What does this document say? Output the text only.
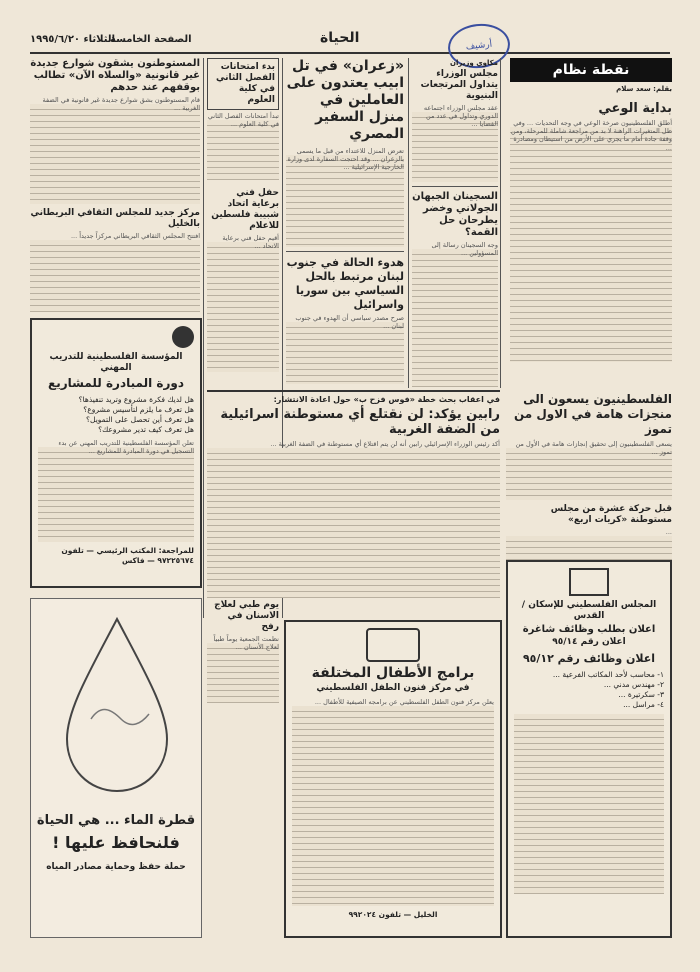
الثلاثاء ١٩٩٥/٦/٢٠
الصفحة الخامسة	الحياة
أرشيف
نقطة نظام
بقلم: سعد سلام
بداية الوعي
أطلق الفلسطينيون صرخة الوعي في وجه التحديات ... وفي ظل المتغيرات الراهنة لا بد من مراجعة شاملة للمرحلة، ومن وقفة جادة أمام ما يجري على الأرض من استيطان ومصادرة ...
مكاوي وزيران
مجلس الوزراء يتداول المرتجعات البنيوية
عقد مجلس الوزراء اجتماعه الدوري وتداول في عدد من القضايا ...
السجينان الجبهان الجولاني وخضر يطرحان حل القمة؟
وجه السجينان رسالة إلى المسؤولين ...
«زعران» في تل ابيب يعتدون على العاملين في منزل السفير المصري
تعرض المنزل للاعتداء من قبل ما يسمى بالزعران ... وقد احتجت السفارة لدى وزارة الخارجية الإسرائيلية ...
هدوء الحالة في جنوب لبنان مرتبط بالحل السياسي بين سوريا واسرائيل
صرح مصدر سياسي أن الهدوء في جنوب لبنان ...
بدء امتحانات الفصل الثاني في كلية العلوم
تبدأ امتحانات الفصل الثاني في كلية العلوم ...
حفل فني برعاية اتحاد شبيبة فلسطين للاعلام
أقيم حفل فني برعاية الاتحاد ...
المستوطنون يشقون شوارع جديدة غير قانونية «والسلاه الآن» تطالب بوقفهم عند حدهم
قام المستوطنون بشق شوارع جديدة غير قانونية في الضفة الغربية ...
مركز جديد للمجلس الثقافي البريطاني بالخليل
افتتح المجلس الثقافي البريطاني مركزاً جديداً ...
المؤسسة الفلسطينية للتدريب المهني
دورة المبادرة للمشاريع
هل لديك فكرة مشروع وتريد تنفيذها؟
هل تعرف ما يلزم لتأسيس مشروع؟
هل تعرف أين تحصل على التمويل؟
هل تعرف كيف تدير مشروعك؟
تعلن المؤسسة الفلسطينية للتدريب المهني عن بدء التسجيل في دورة المبادرة للمشاريع ...
للمراجعة: المكتب الرئيسي — تلفون ٩٧٢٢٥٦٧٤ — فاكس
في اعقاب بحث خطة «فوس فزح ب» حول اعادة الانتشار:
رابين يؤكد: لن نقتلع أي مستوطنة اسرائيلية من الضفة الغربية
أكد رئيس الوزراء الإسرائيلي رابين أنه لن يتم اقتلاع أي مستوطنة في الضفة الغربية ...
الفلسطينيون يسعون الى منجزات هامة في الاول من تموز
يسعى الفلسطينيون إلى تحقيق إنجازات هامة في الأول من تموز ...
قبل حركة عشرة من مجلس مستوطنة «كريات اربع»
...
يوم طبي لعلاج الاسنان في رفح
نظمت الجمعية يوماً طبياً لعلاج الأسنان ...
قطرة الماء ... هي الحياة
فلنحافظ عليها !
حملة حفظ وحماية مصادر المياه
برامج الأطفال المختلفة
في مركز فنون الطفل الفلسطيني
يعلن مركز فنون الطفل الفلسطيني عن برامجه الصيفية للأطفال ...
الخليل — تلفون ٩٩٢٠٢٤
المجلس الفلسطيني للإسكان / القدس
اعلان بطلب وظائف شاغرة
اعلان رقم ٩٥/١٤
اعلان وظائف رقم ٩٥/١٢
١- محاسب لأحد المكاتب الفرعية ...
٢- مهندس مدني ...
٣- سكرتيرة ...
٤- مراسل ...
